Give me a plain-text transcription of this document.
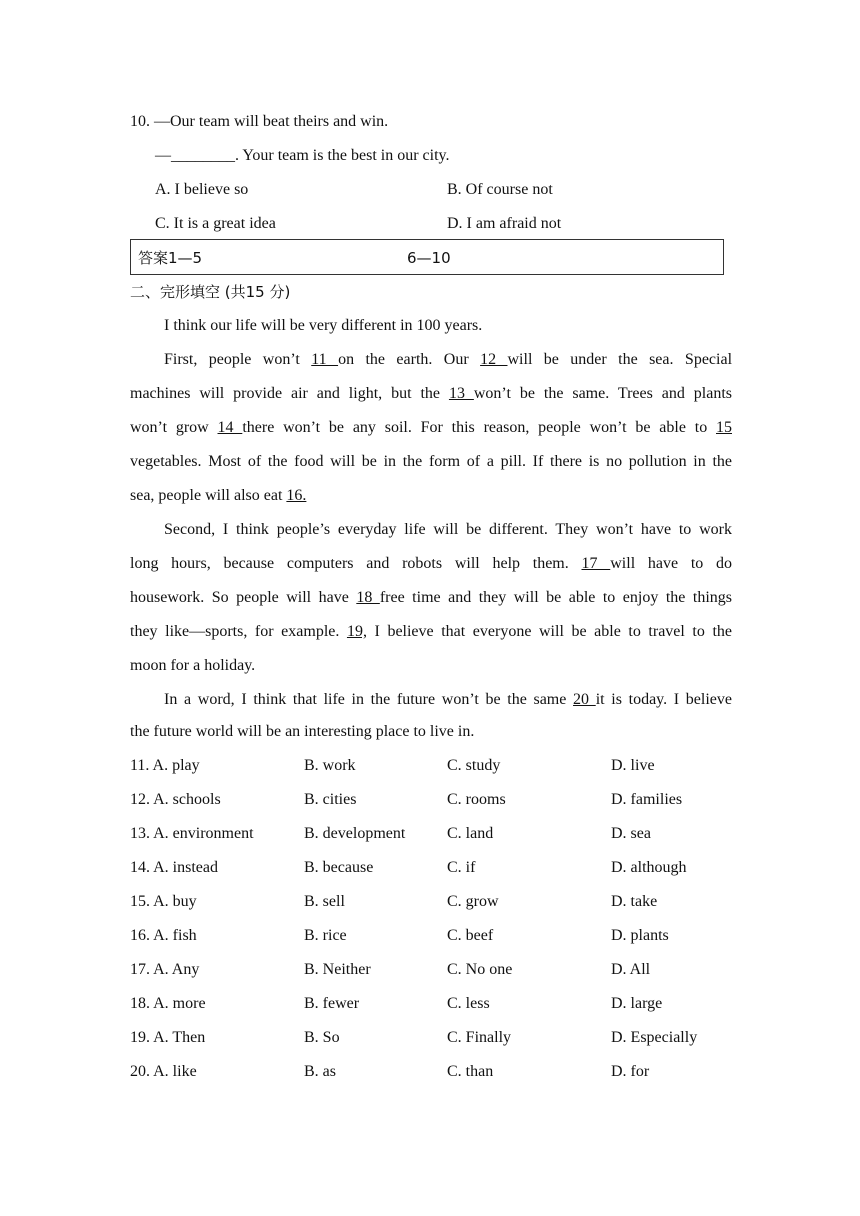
10. —Our team will beat theirs and win.
—________. Your team is the best in our city.
A. I believe so	B. Of course not
C. It is a great idea	D. I am afraid not
答案1—5	6—10
二、完形填空 (共15 分)
I think our life will be very different in 100 years.
First, people won’t 11 on the earth. Our 12 will be under the sea. Special
machines will provide air and light, but the 13 won’t be the same. Trees and plants
won’t grow 14 there won’t be any soil. For this reason, people won’t be able to 15
vegetables. Most of the food will be in the form of a pill. If there is no pollution in the
sea, people will also eat 16.
Second, I think people’s everyday life will be different. They won’t have to work
long hours, because computers and robots will help them. 17 will have to do
housework. So people will have 18 free time and they will be able to enjoy the things
they like—sports, for example. 19, I believe that everyone will be able to travel to the
moon for a holiday.
In a word, I think that life in the future won’t be the same 20 it is today. I believe
the future world will be an interesting place to live in.
11. A. play	B. work	C. study	D. live
12. A. schools	B. cities	C. rooms	D. families
13. A. environment	B. development	C. land	D. sea
14. A. instead	B. because	C. if	D. although
15. A. buy	B. sell	C. grow	D. take
16. A. fish	B. rice	C. beef	D. plants
17. A. Any	B. Neither	C. No one	D. All
18. A. more	B. fewer	C. less	D. large
19. A. Then	B. So	C. Finally	D. Especially
20. A. like	B. as	C. than	D. for
